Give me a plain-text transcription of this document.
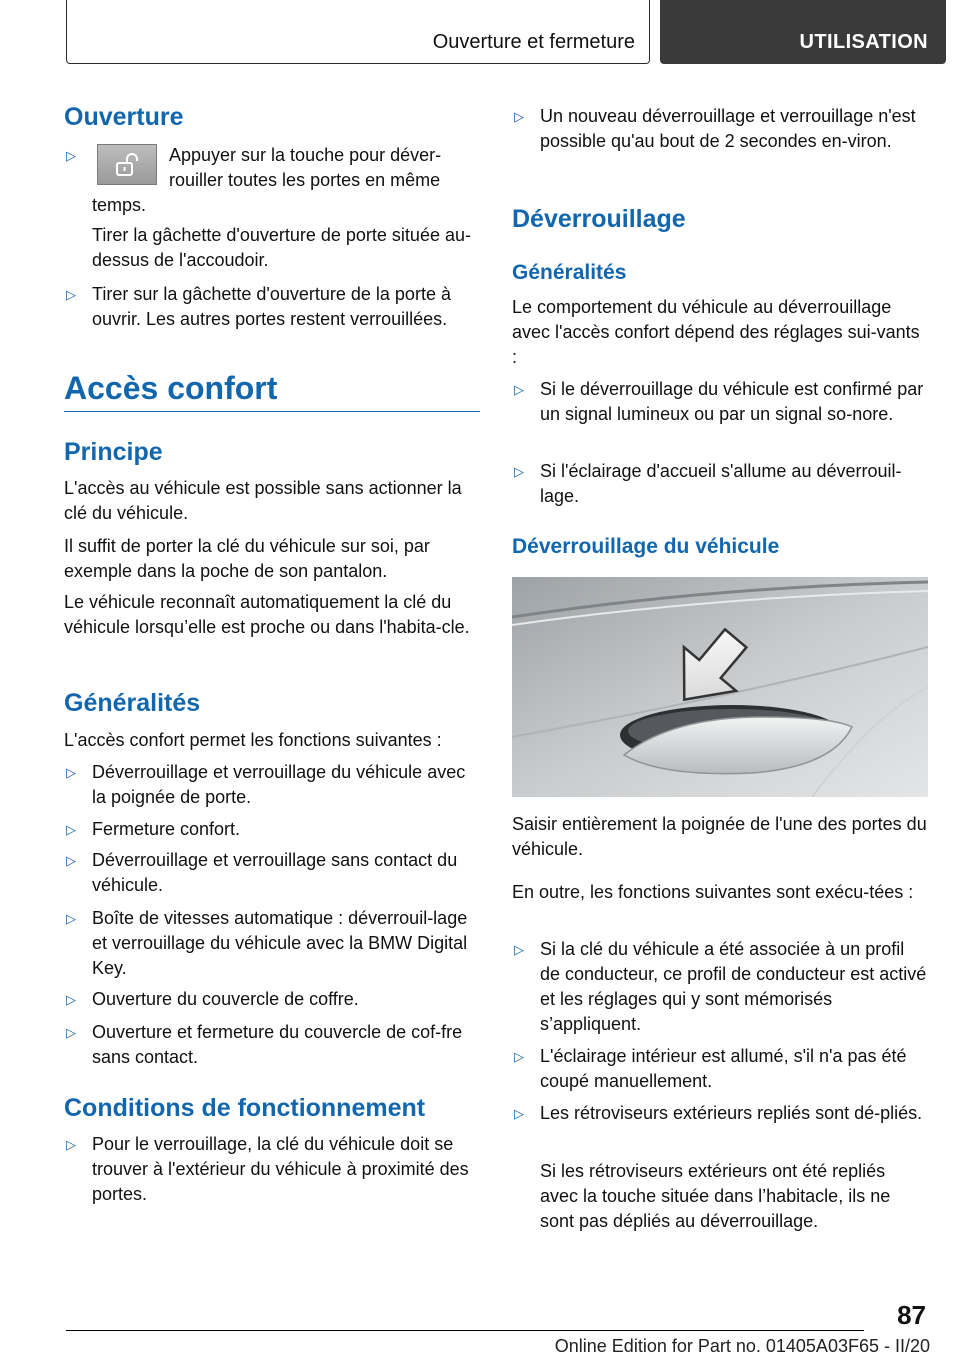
Ouverture et fermeture	UTILISATION
Ouverture
▷	Appuyer sur la touche pour déver-
rouiller toutes les portes en même
temps.
Tirer la gâchette d'ouverture de porte située au-dessus de l'accoudoir.
▷ Tirer sur la gâchette d'ouverture de la porte à ouvrir. Les autres portes restent verrouillées.
Accès confort
Principe
L'accès au véhicule est possible sans actionner la clé du véhicule.
Il suffit de porter la clé du véhicule sur soi, par exemple dans la poche de son pantalon.
Le véhicule reconnaît automatiquement la clé du véhicule lorsqu’elle est proche ou dans l'habita-cle.
Généralités
L'accès confort permet les fonctions suivantes :
▷ Déverrouillage et verrouillage du véhicule avec la poignée de porte.
▷ Fermeture confort.
▷ Déverrouillage et verrouillage sans contact du véhicule.
▷ Boîte de vitesses automatique : déverrouil-lage et verrouillage du véhicule avec la BMW Digital Key.
▷ Ouverture du couvercle de coffre.
▷ Ouverture et fermeture du couvercle de cof-fre sans contact.
Conditions de fonctionnement
▷ Pour le verrouillage, la clé du véhicule doit se trouver à l'extérieur du véhicule à proximité des portes.
▷ Un nouveau déverrouillage et verrouillage n'est possible qu'au bout de 2 secondes en-viron.
Déverrouillage
Généralités
Le comportement du véhicule au déverrouillage avec l'accès confort dépend des réglages sui-vants :
▷ Si le déverrouillage du véhicule est confirmé par un signal lumineux ou par un signal so-nore.
▷ Si l'éclairage d'accueil s'allume au déverrouil-lage.
Déverrouillage du véhicule
Saisir entièrement la poignée de l'une des portes du véhicule.
En outre, les fonctions suivantes sont exécu-tées :
▷ Si la clé du véhicule a été associée à un profil de conducteur, ce profil de conducteur est activé et les réglages qui y sont mémorisés s’appliquent.
▷ L'éclairage intérieur est allumé, s'il n'a pas été coupé manuellement.
▷ Les rétroviseurs extérieurs repliés sont dé-pliés.
Si les rétroviseurs extérieurs ont été repliés avec la touche située dans l’habitacle, ils ne sont pas dépliés au déverrouillage.
87
Online Edition for Part no. 01405A03F65 - II/20
